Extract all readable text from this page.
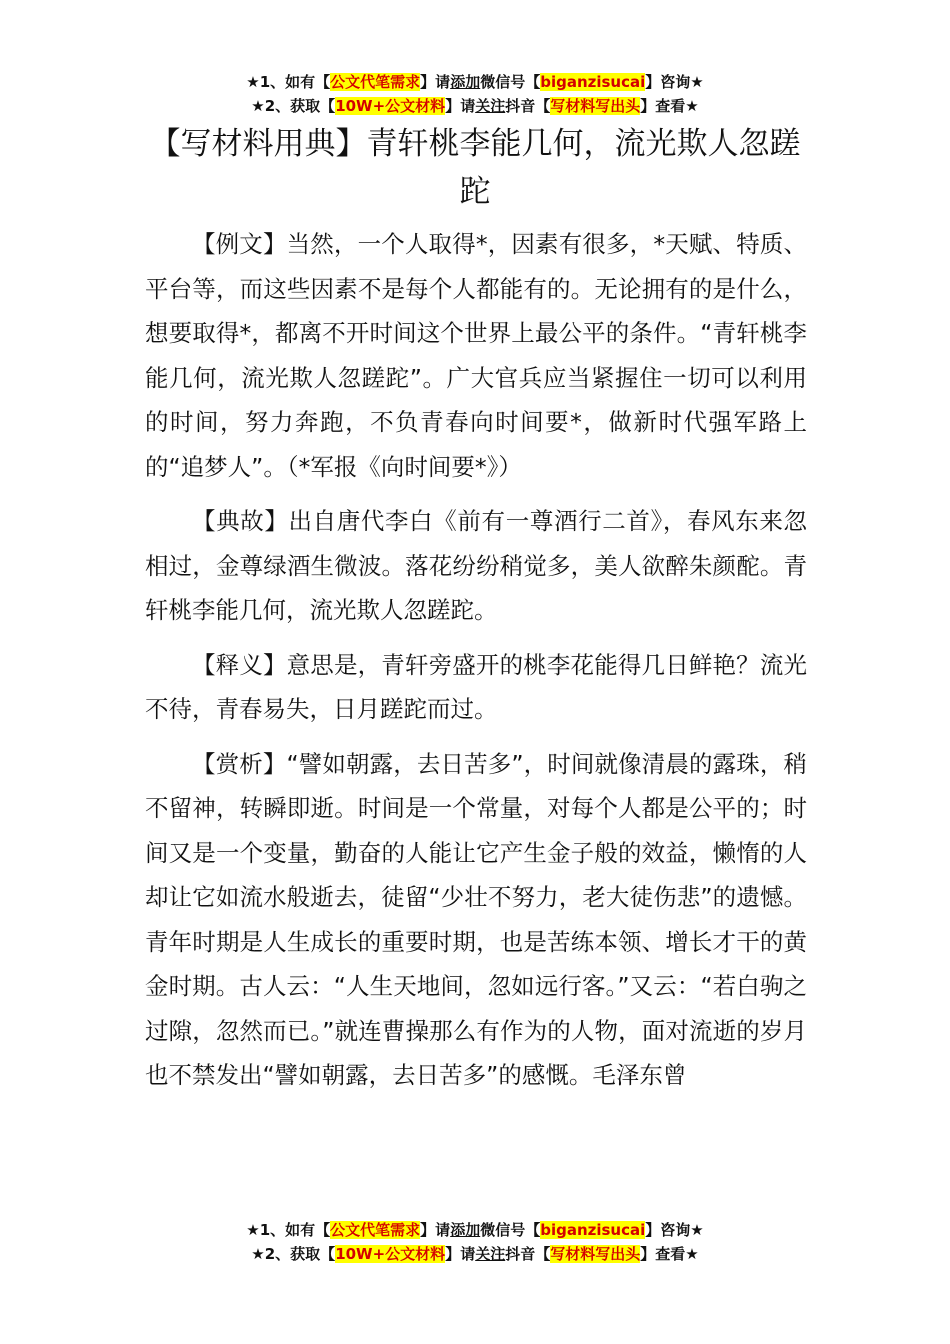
★1、如有【公文代笔需求】请添加微信号【biganzisucai】咨询★
★2、获取【10W+公文材料】请关注抖音【写材料写出头】查看★
【写材料用典】青轩桃李能几何，流光欺人忽蹉跎

【例文】当然，一个人取得*，因素有很多，*天赋、特质、平台等，而这些因素不是每个人都能有的。无论拥有的是什么，想要取得*，都离不开时间这个世界上最公平的条件。“青轩桃李能几何，流光欺人忽蹉跎”。广大官兵应当紧握住一切可以利用的时间，努力奔跑，不负青春向时间要*，做新时代强军路上的“追梦人”。（*军报《向时间要*》）

【典故】出自唐代李白《前有一尊酒行二首》，春风东来忽相过，金尊绿酒生微波。落花纷纷稍觉多，美人欲醉朱颜酡。青轩桃李能几何，流光欺人忽蹉跎。

【释义】意思是，青轩旁盛开的桃李花能得几日鲜艳？流光不待，青春易失，日月蹉跎而过。

【赏析】“譬如朝露，去日苦多”，时间就像清晨的露珠，稍不留神，转瞬即逝。时间是一个常量，对每个人都是公平的；时间又是一个变量，勤奋的人能让它产生金子般的效益，懒惰的人却让它如流水般逝去，徒留“少壮不努力，老大徒伤悲”的遗憾。青年时期是人生成长的重要时期，也是苦练本领、增长才干的黄金时期。古人云：“人生天地间，忽如远行客。”又云：“若白驹之过隙，忽然而已。”就连曹操那么有作为的人物，面对流逝的岁月也不禁发出“譬如朝露，去日苦多”的感慨。毛泽东曾

★1、如有【公文代笔需求】请添加微信号【biganzisucai】咨询★
★2、获取【10W+公文材料】请关注抖音【写材料写出头】查看★
